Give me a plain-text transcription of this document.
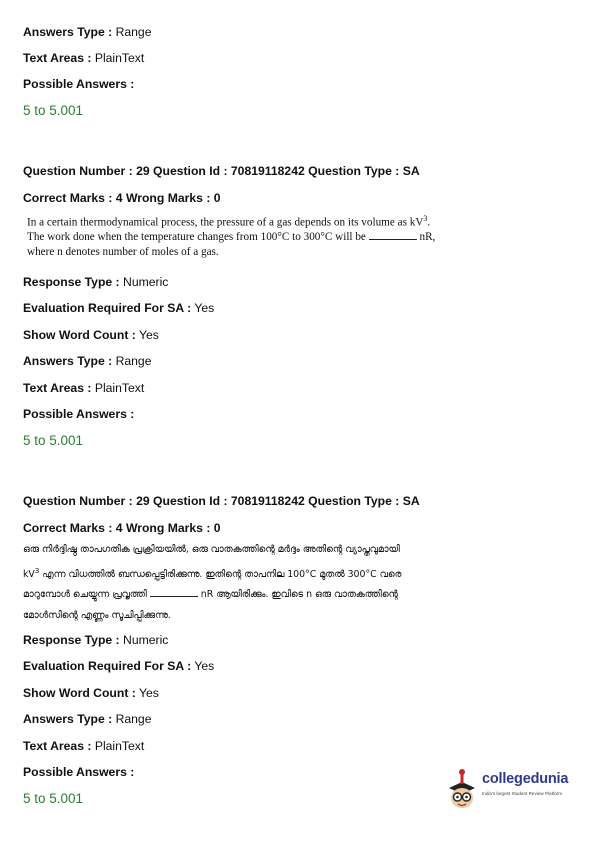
Answers Type : Range
Text Areas : PlainText
Possible Answers :
5 to 5.001
Question Number : 29 Question Id : 70819118242 Question Type : SA
Correct Marks : 4 Wrong Marks : 0
In a certain thermodynamical process, the pressure of a gas depends on its volume as $kV^3$.
The work done when the temperature changes from 100°C to 300°C will be	nR,
where n denotes number of moles of a gas.
Response Type : Numeric
Evaluation Required For SA : Yes
Show Word Count : Yes
Answers Type : Range
Text Areas : PlainText
Possible Answers :
5 to 5.001
Question Number : 29 Question Id : 70819118242 Question Type : SA
Correct Marks : 4 Wrong Marks : 0
ഒരു നിർദ്ദിഷ്ഠ താപഗതിക പ്രക്രിയയിൽ, ഒരു വാതകത്തിന്റെ മർദ്ദം അതിന്റെ വ്യാപ്തവുമായി
$kV^3$ എന്ന വിധത്തിൽ ബന്ധപ്പെട്ടിരിക്കുന്നു. ഇതിന്റെ താപനില 100°C മുതൽ 300°C വരെ
മാറുമ്പോൾ ചെയ്യുന്ന പ്രവൃത്തി	nR ആയിരിക്കും. ഇവിടെ n ഒരു വാതകത്തിന്റെ
മോൾസിന്റെ എണ്ണം സൂചിപ്പിക്കുന്നു.
Response Type : Numeric
Evaluation Required For SA : Yes
Show Word Count : Yes
Answers Type : Range
Text Areas : PlainText
Possible Answers :
5 to 5.001
collegedunia
India's largest Student Review Platform
